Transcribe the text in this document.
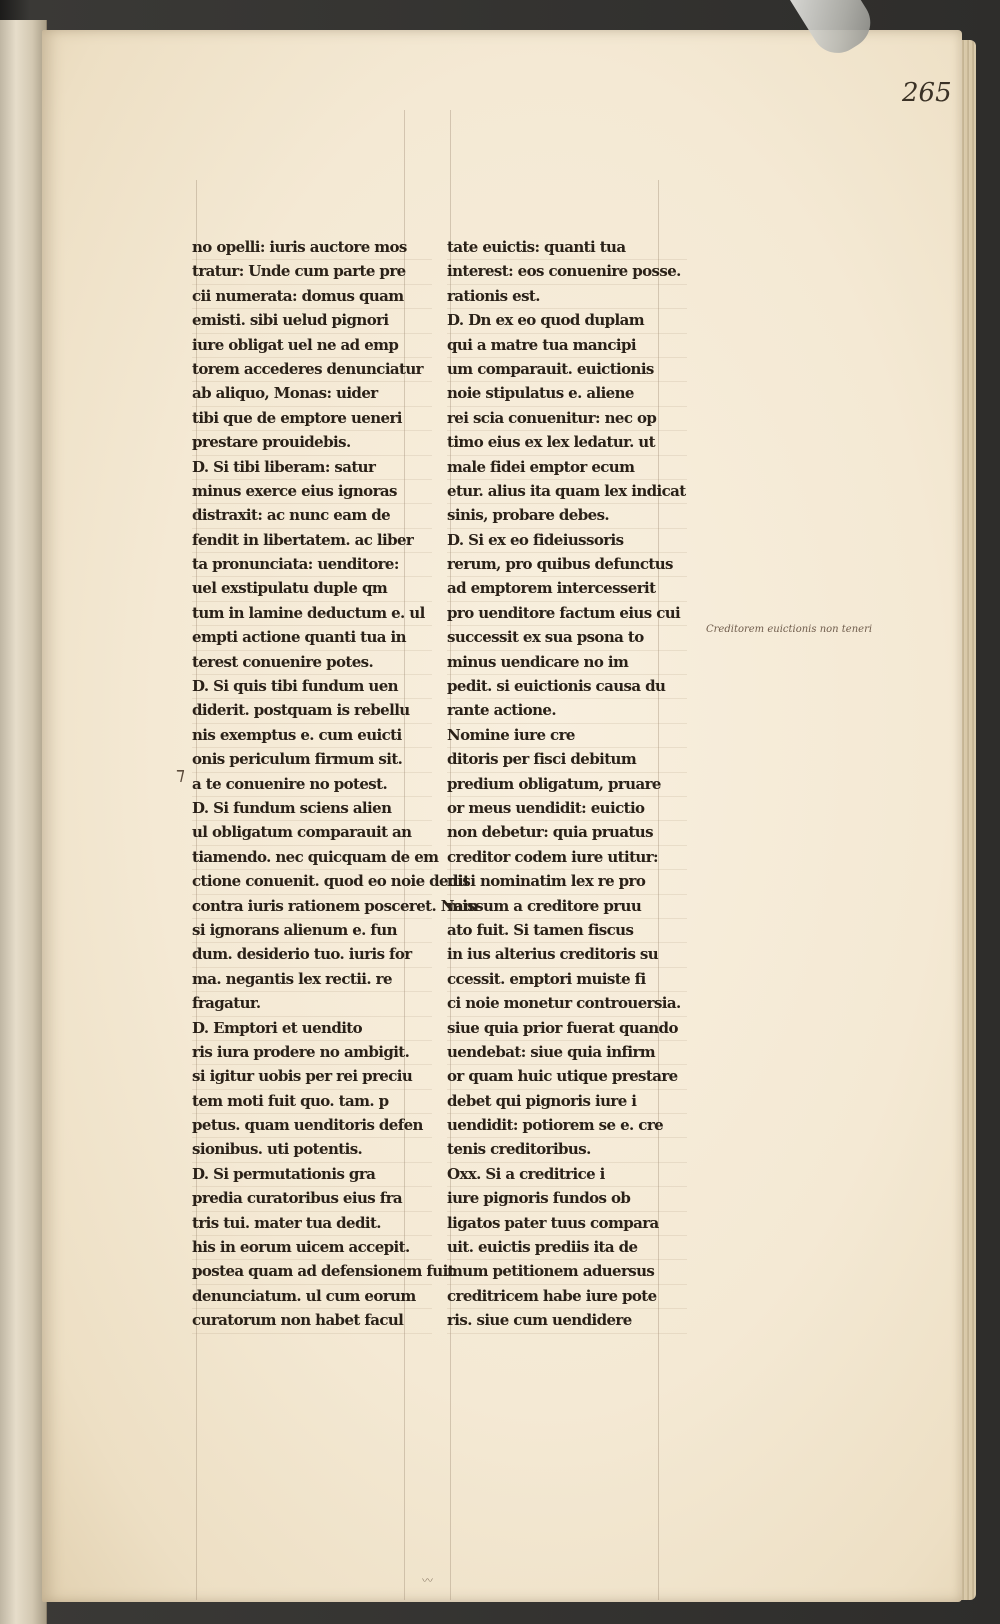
265
no opelli: iuris auctore mos
tratur: Unde cum parte pre
cii numerata: domus quam
emisti. sibi uelud pignori
iure obligat uel ne ad emp
torem accederes denunciatur
ab aliquo, Monas: uider
tibi que de emptore ueneri
prestare prouidebis.
D. Si tibi liberam: satur
minus exerce eius ignoras
distraxit: ac nunc eam de
fendit in libertatem. ac liber
ta pronunciata: uenditore:
uel exstipulatu duple qm
tum in lamine deductum e. ul
empti actione quanti tua in
terest conuenire potes.
D. Si quis tibi fundum uen
diderit. postquam is rebellu
nis exemptus e. cum euicti
onis periculum firmum sit.
a te conuenire no potest.
D. Si fundum sciens alien
ul obligatum comparauit an
tiamendo. nec quicquam de em
ctione conuenit. quod eo noie dedit
contra iuris rationem posceret. Nam
si ignorans alienum e. fun
dum. desiderio tuo. iuris for
ma. negantis lex rectii. re
fragatur.
D. Emptori et uendito
ris iura prodere no ambigit.
si igitur uobis per rei preciu
tem moti fuit quo. tam. p
petus. quam uenditoris defen
sionibus. uti potentis.
D. Si permutationis gra
predia curatoribus eius fra
tris tui. mater tua dedit.
his in eorum uicem accepit.
postea quam ad defensionem fuit
denunciatum. ul cum eorum
curatorum non habet facul
tate euictis: quanti tua
interest: eos conuenire posse.
rationis est.
D. Dn ex eo quod duplam
qui a matre tua mancipi
um comparauit. euictionis
noie stipulatus e. aliene
rei scia conuenitur: nec op
timo eius ex lex ledatur. ut
male fidei emptor ecum
etur. alius ita quam lex indicat
sinis, probare debes.
D. Si ex eo fideiussoris
rerum, pro quibus defunctus
ad emptorem intercesserit
pro uenditore factum eius cui
successit ex sua psona to
minus uendicare no im
pedit. si euictionis causa du
rante actione.
Nomine iure cre
ditoris per fisci debitum
predium obligatum, pruare
or meus uendidit: euictio
non debetur: quia pruatus
creditor codem iure utitur:
nisi nominatim lex re pro
missum a creditore pruu
ato fuit. Si tamen fiscus
in ius alterius creditoris su
ccessit. emptori muiste fi
ci noie monetur controuersia.
siue quia prior fuerat quando
uendebat: siue quia infirm
or quam huic utique prestare
debet qui pignoris iure i
uendidit: potiorem se e. cre
tenis creditoribus.
Oxx. Si a creditrice i
iure pignoris fundos ob
ligatos pater tuus compara
uit. euictis prediis ita de
mum petitionem aduersus
creditricem habe iure pote
ris. siue cum uendidere
Creditorem euictionis non teneri
⁊
〰
